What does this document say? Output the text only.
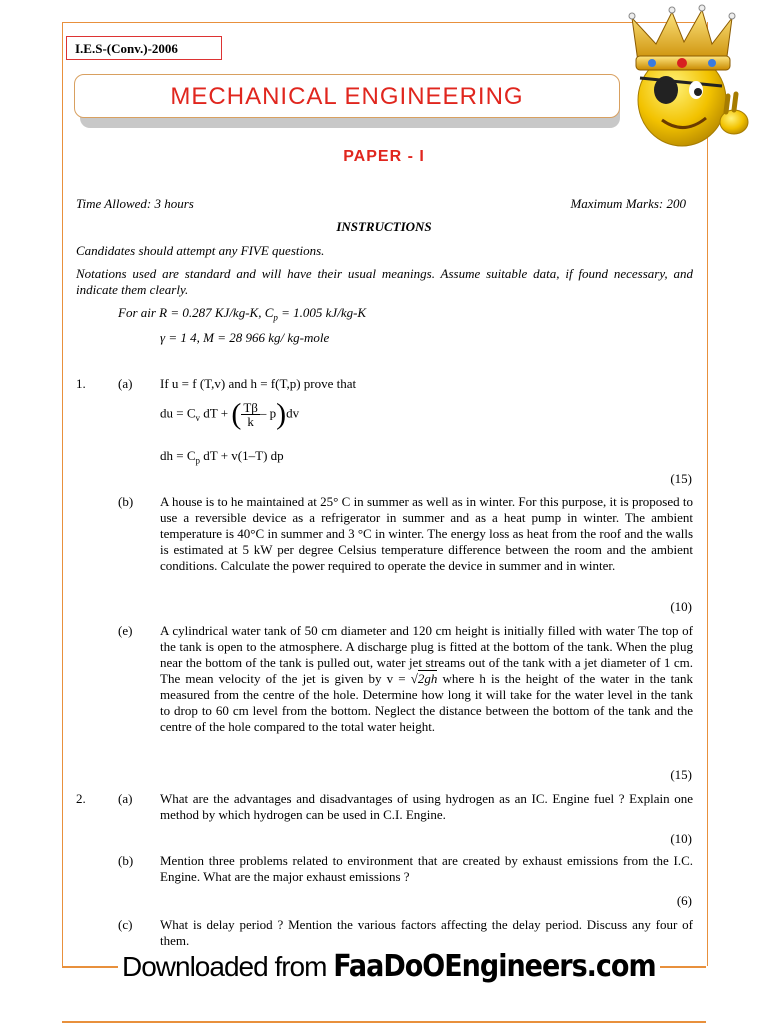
I.E.S-(Conv.)-2006
MECHANICAL ENGINEERING
PAPER - I
Time Allowed: 3 hours	Maximum Marks: 200
INSTRUCTIONS
Candidates should attempt any FIVE questions.
Notations used are standard and will have their usual meanings. Assume suitable data, if found necessary, and indicate them clearly.
For air R = 0.287 KJ/kg-K, $C_p = 1.005$ kJ/kg-K
γ = 1 4, M = 28 966 kg/ kg-mole
1. (a) If u = f (T,v) and h = f(T,p) prove that
du = $C_v$ dT + ( $\frac{T\beta}{k} - p)dv$
dh = $C_p$ dT + v(1–T) dp
(15)
(b) A house is to he maintained at 25° C in summer as well as in winter. For this purpose, it is proposed to use a reversible device as a refrigerator in summer and as a heat pump in winter. The ambient temperature is 40°C in summer and 3 °C in winter. The energy loss as heat from the roof and the walls is estimated at 5 kW per degree Celsius temperature difference between the room and the ambient conditions. Calculate the power required to operate the device in summer and in winter.
(10)
(e) A cylindrical water tank of 50 cm diameter and 120 cm height is initially filled with water The top of the tank is open to the atmosphere. A discharge plug is fitted at the bottom of the tank. When the plug near the bottom of the tank is pulled out, water jet streams out of the tank with a jet diameter of 1 cm. The mean velocity of the jet is given by v = √2gh where h is the height of the water in the tank measured from the centre of the hole. Determine how long it will take for the water level in the tank to drop to 60 cm level from the bottom. Neglect the distance between the bottom of the tank and the centre of the hole compared to the total water height.
(15)
2. (a) What are the advantages and disadvantages of using hydrogen as an IC. Engine fuel ? Explain one method by which hydrogen can be used in C.I. Engine.
(10)
(b) Mention three problems related to environment that are created by exhaust emissions from the I.C. Engine. What are the major exhaust emissions ?
(6)
(c) What is delay period ? Mention the various factors affecting the delay period. Discuss any four of them.
Downloaded from FaaDoOEngineers.com
